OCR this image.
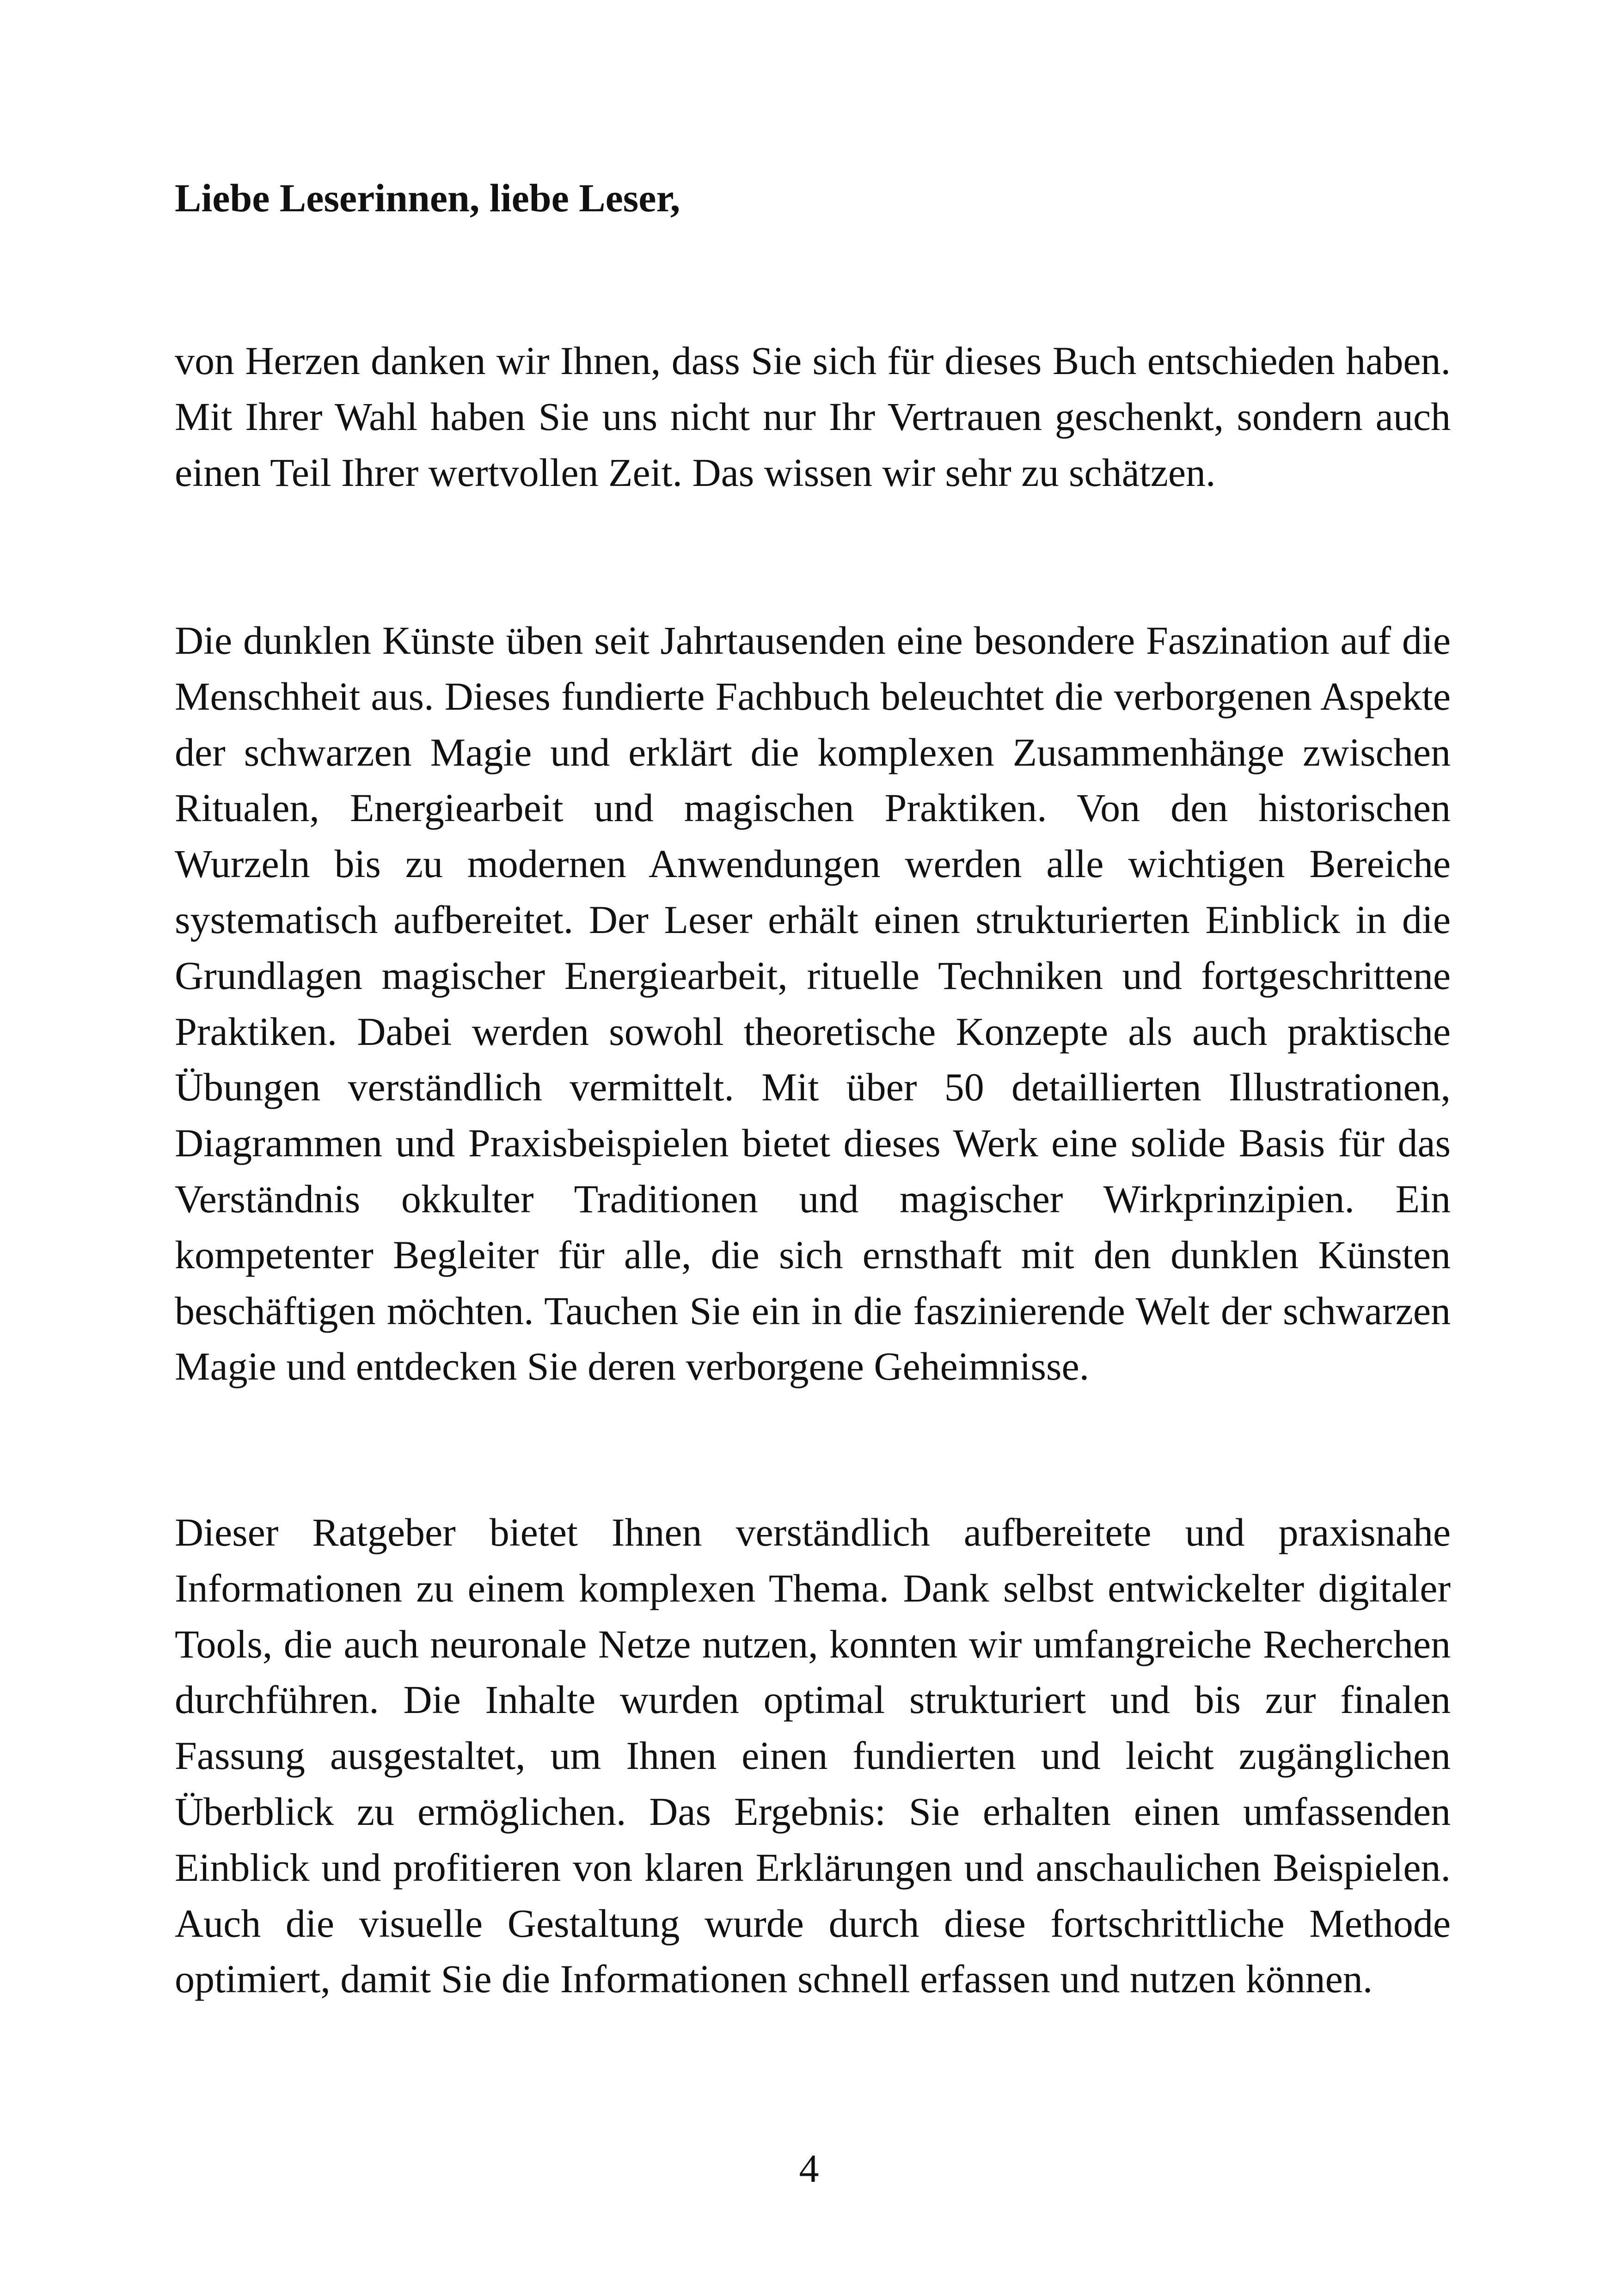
Liebe Leserinnen, liebe Leser,

von Herzen danken wir Ihnen, dass Sie sich für dieses Buch entschieden haben. Mit Ihrer Wahl haben Sie uns nicht nur Ihr Vertrauen geschenkt, sondern auch einen Teil Ihrer wertvollen Zeit. Das wissen wir sehr zu schätzen.

Die dunklen Künste üben seit Jahrtausenden eine besondere Faszination auf die Menschheit aus. Dieses fundierte Fachbuch beleuchtet die verborgenen Aspekte der schwarzen Magie und erklärt die komplexen Zusammenhänge zwischen Ritualen, Energiearbeit und magischen Praktiken. Von den historischen Wurzeln bis zu modernen Anwendungen werden alle wichtigen Bereiche systematisch aufbereitet. Der Leser erhält einen strukturierten Einblick in die Grundlagen magischer Energiearbeit, rituelle Techniken und fortgeschrittene Praktiken. Dabei werden sowohl theoretische Konzepte als auch praktische Übungen verständlich vermittelt. Mit über 50 detaillierten Illustrationen, Diagrammen und Praxisbeispielen bietet dieses Werk eine solide Basis für das Verständnis okkulter Traditionen und magischer Wirkprinzipien. Ein kompetenter Begleiter für alle, die sich ernsthaft mit den dunklen Künsten beschäftigen möchten. Tauchen Sie ein in die faszinierende Welt der schwarzen Magie und entdecken Sie deren verborgene Geheimnisse.

Dieser Ratgeber bietet Ihnen verständlich aufbereitete und praxisnahe Informationen zu einem komplexen Thema. Dank selbst entwickelter digitaler Tools, die auch neuronale Netze nutzen, konnten wir umfangreiche Recherchen durchführen. Die Inhalte wurden optimal strukturiert und bis zur finalen Fassung ausgestaltet, um Ihnen einen fundierten und leicht zugänglichen Überblick zu ermöglichen. Das Ergebnis: Sie erhalten einen umfassenden Einblick und profitieren von klaren Erklärungen und anschaulichen Beispielen. Auch die visuelle Gestaltung wurde durch diese fortschrittliche Methode optimiert, damit Sie die Informationen schnell erfassen und nutzen können.

4
